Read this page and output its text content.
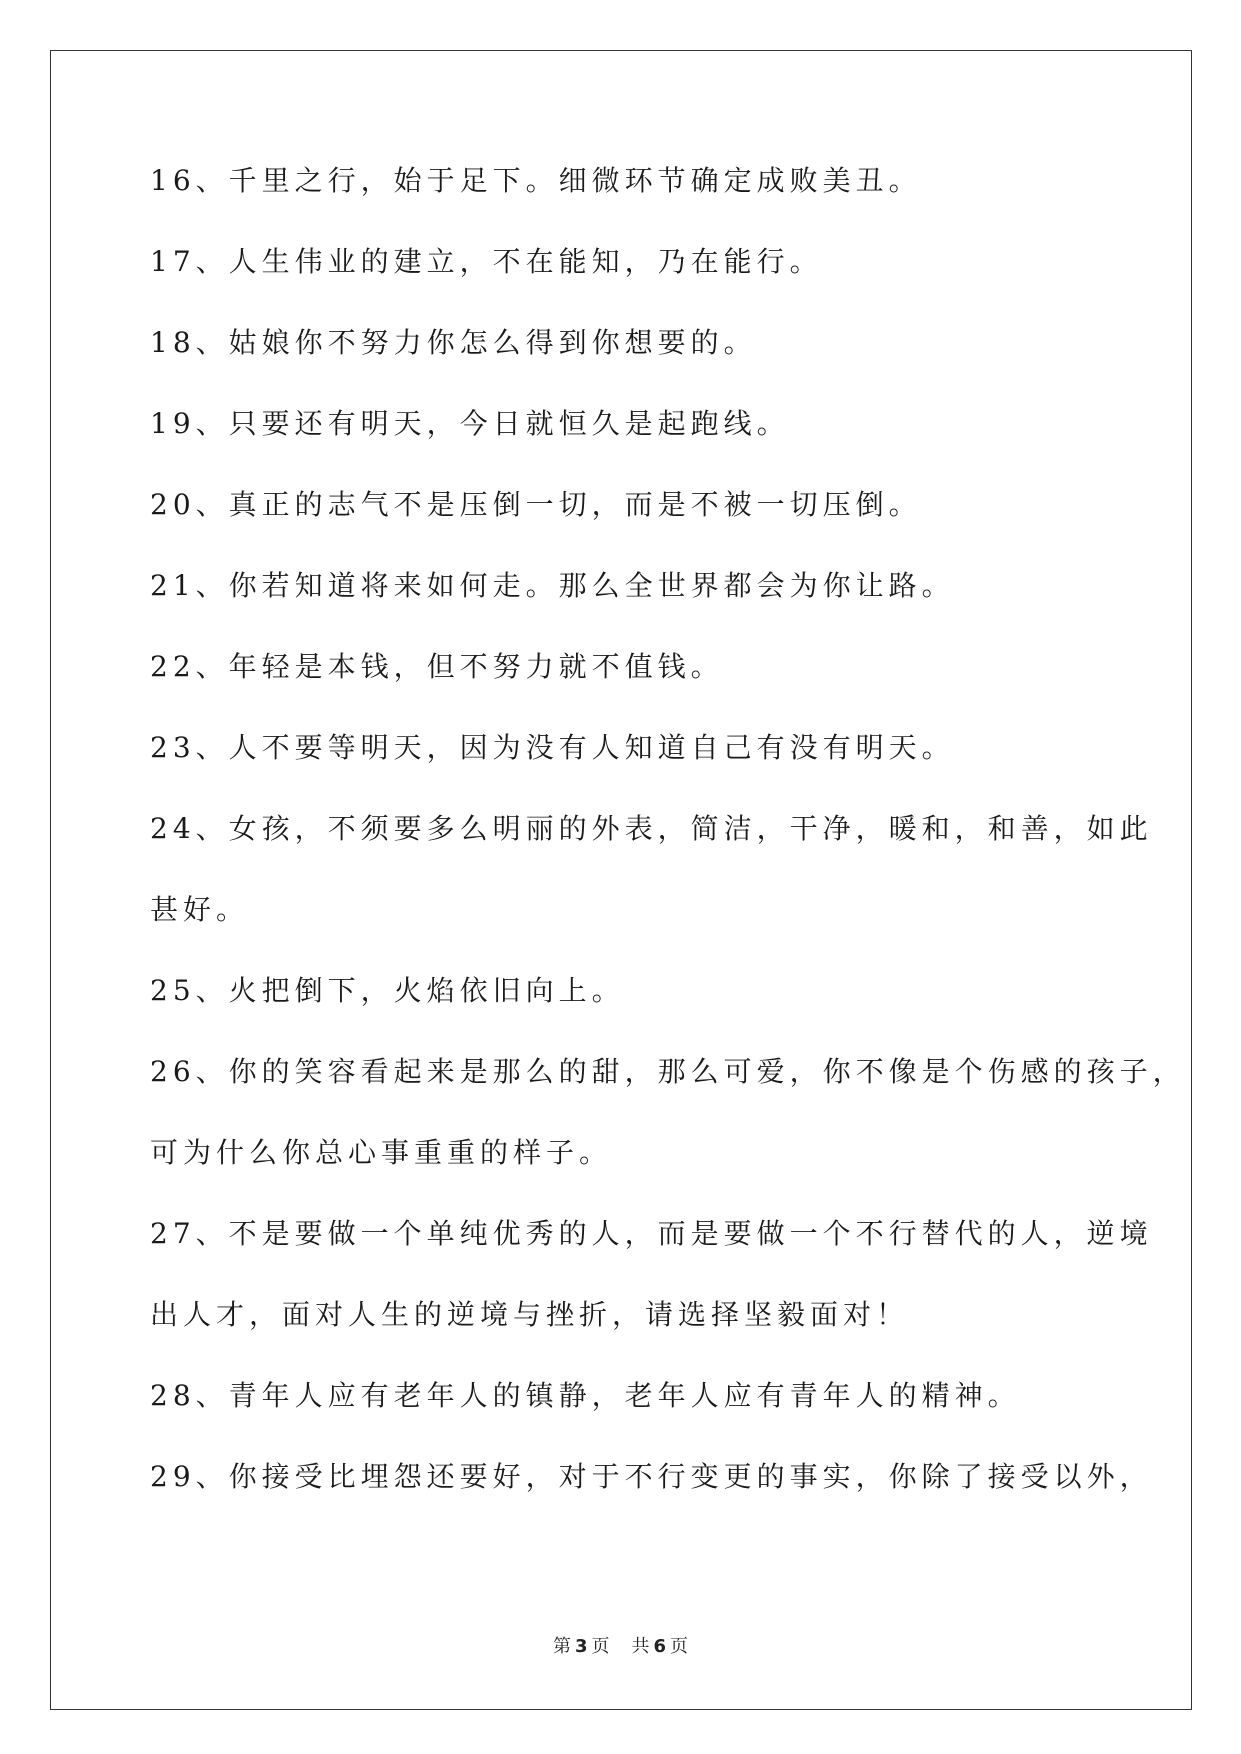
16、千里之行，始于足下。细微环节确定成败美丑。
17、人生伟业的建立，不在能知，乃在能行。
18、姑娘你不努力你怎么得到你想要的。
19、只要还有明天，今日就恒久是起跑线。
20、真正的志气不是压倒一切，而是不被一切压倒。
21、你若知道将来如何走。那么全世界都会为你让路。
22、年轻是本钱，但不努力就不值钱。
23、人不要等明天，因为没有人知道自己有没有明天。
24、女孩，不须要多么明丽的外表，简洁，干净，暖和，和善，如此
甚好。
25、火把倒下，火焰依旧向上。
26、你的笑容看起来是那么的甜，那么可爱，你不像是个伤感的孩子，
可为什么你总心事重重的样子。
27、不是要做一个单纯优秀的人，而是要做一个不行替代的人，逆境
出人才，面对人生的逆境与挫折，请选择坚毅面对！
28、青年人应有老年人的镇静，老年人应有青年人的精神。
29、你接受比埋怨还要好，对于不行变更的事实，你除了接受以外，
第 3 页 共 6 页
